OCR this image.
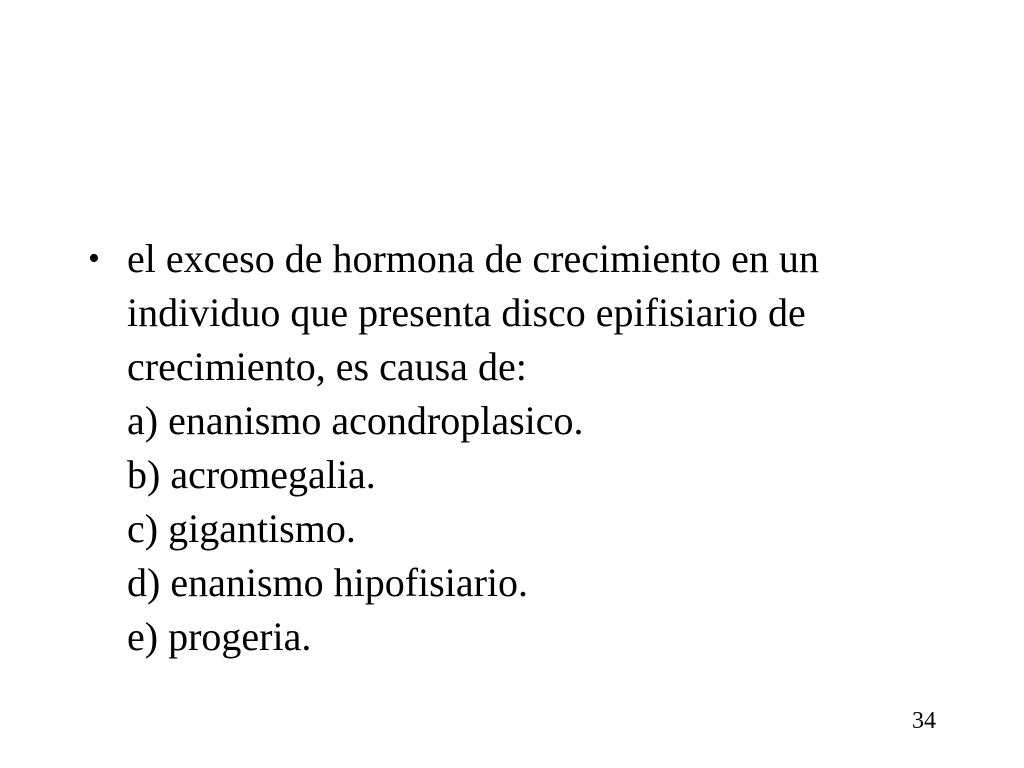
• el exceso de hormona de crecimiento en un
individuo que presenta disco epifisiario de
crecimiento, es causa de:
a) enanismo acondroplasico.
b) acromegalia.
c) gigantismo.
d) enanismo hipofisiario.
e) progeria.
34
